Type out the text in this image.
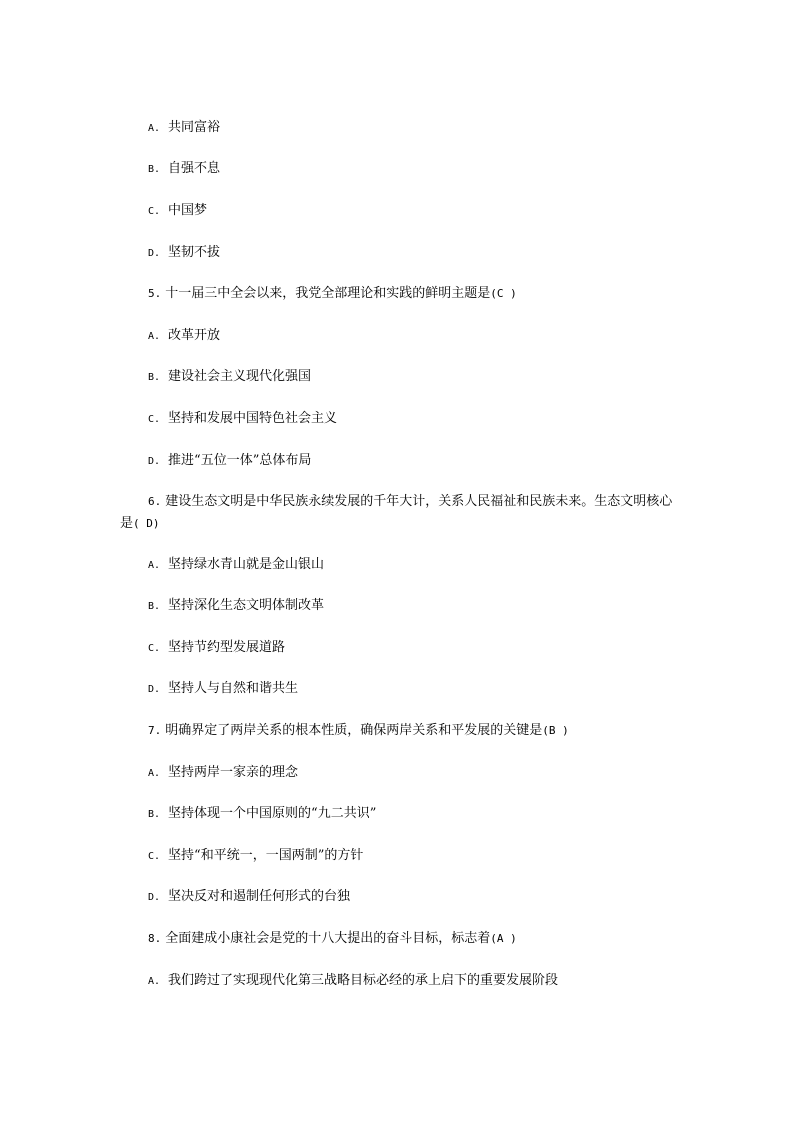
A. 共同富裕
B. 自强不息
C. 中国梦
D. 坚韧不拔
5. 十一届三中全会以来，我党全部理论和实践的鲜明主题是(C )
A. 改革开放
B. 建设社会主义现代化强国
C. 坚持和发展中国特色社会主义
D. 推进“五位一体”总体布局
6. 建设生态文明是中华民族永续发展的千年大计，关系人民福祉和民族未来。生态文明核心是( D)
A. 坚持绿水青山就是金山银山
B. 坚持深化生态文明体制改革
C. 坚持节约型发展道路
D. 坚持人与自然和谐共生
7. 明确界定了两岸关系的根本性质，确保两岸关系和平发展的关键是(B )
A. 坚持两岸一家亲的理念
B. 坚持体现一个中国原则的“九二共识”
C. 坚持“和平统一，一国两制”的方针
D. 坚决反对和遏制任何形式的台独
8. 全面建成小康社会是党的十八大提出的奋斗目标，标志着(A )
A. 我们跨过了实现现代化第三战略目标必经的承上启下的重要发展阶段
